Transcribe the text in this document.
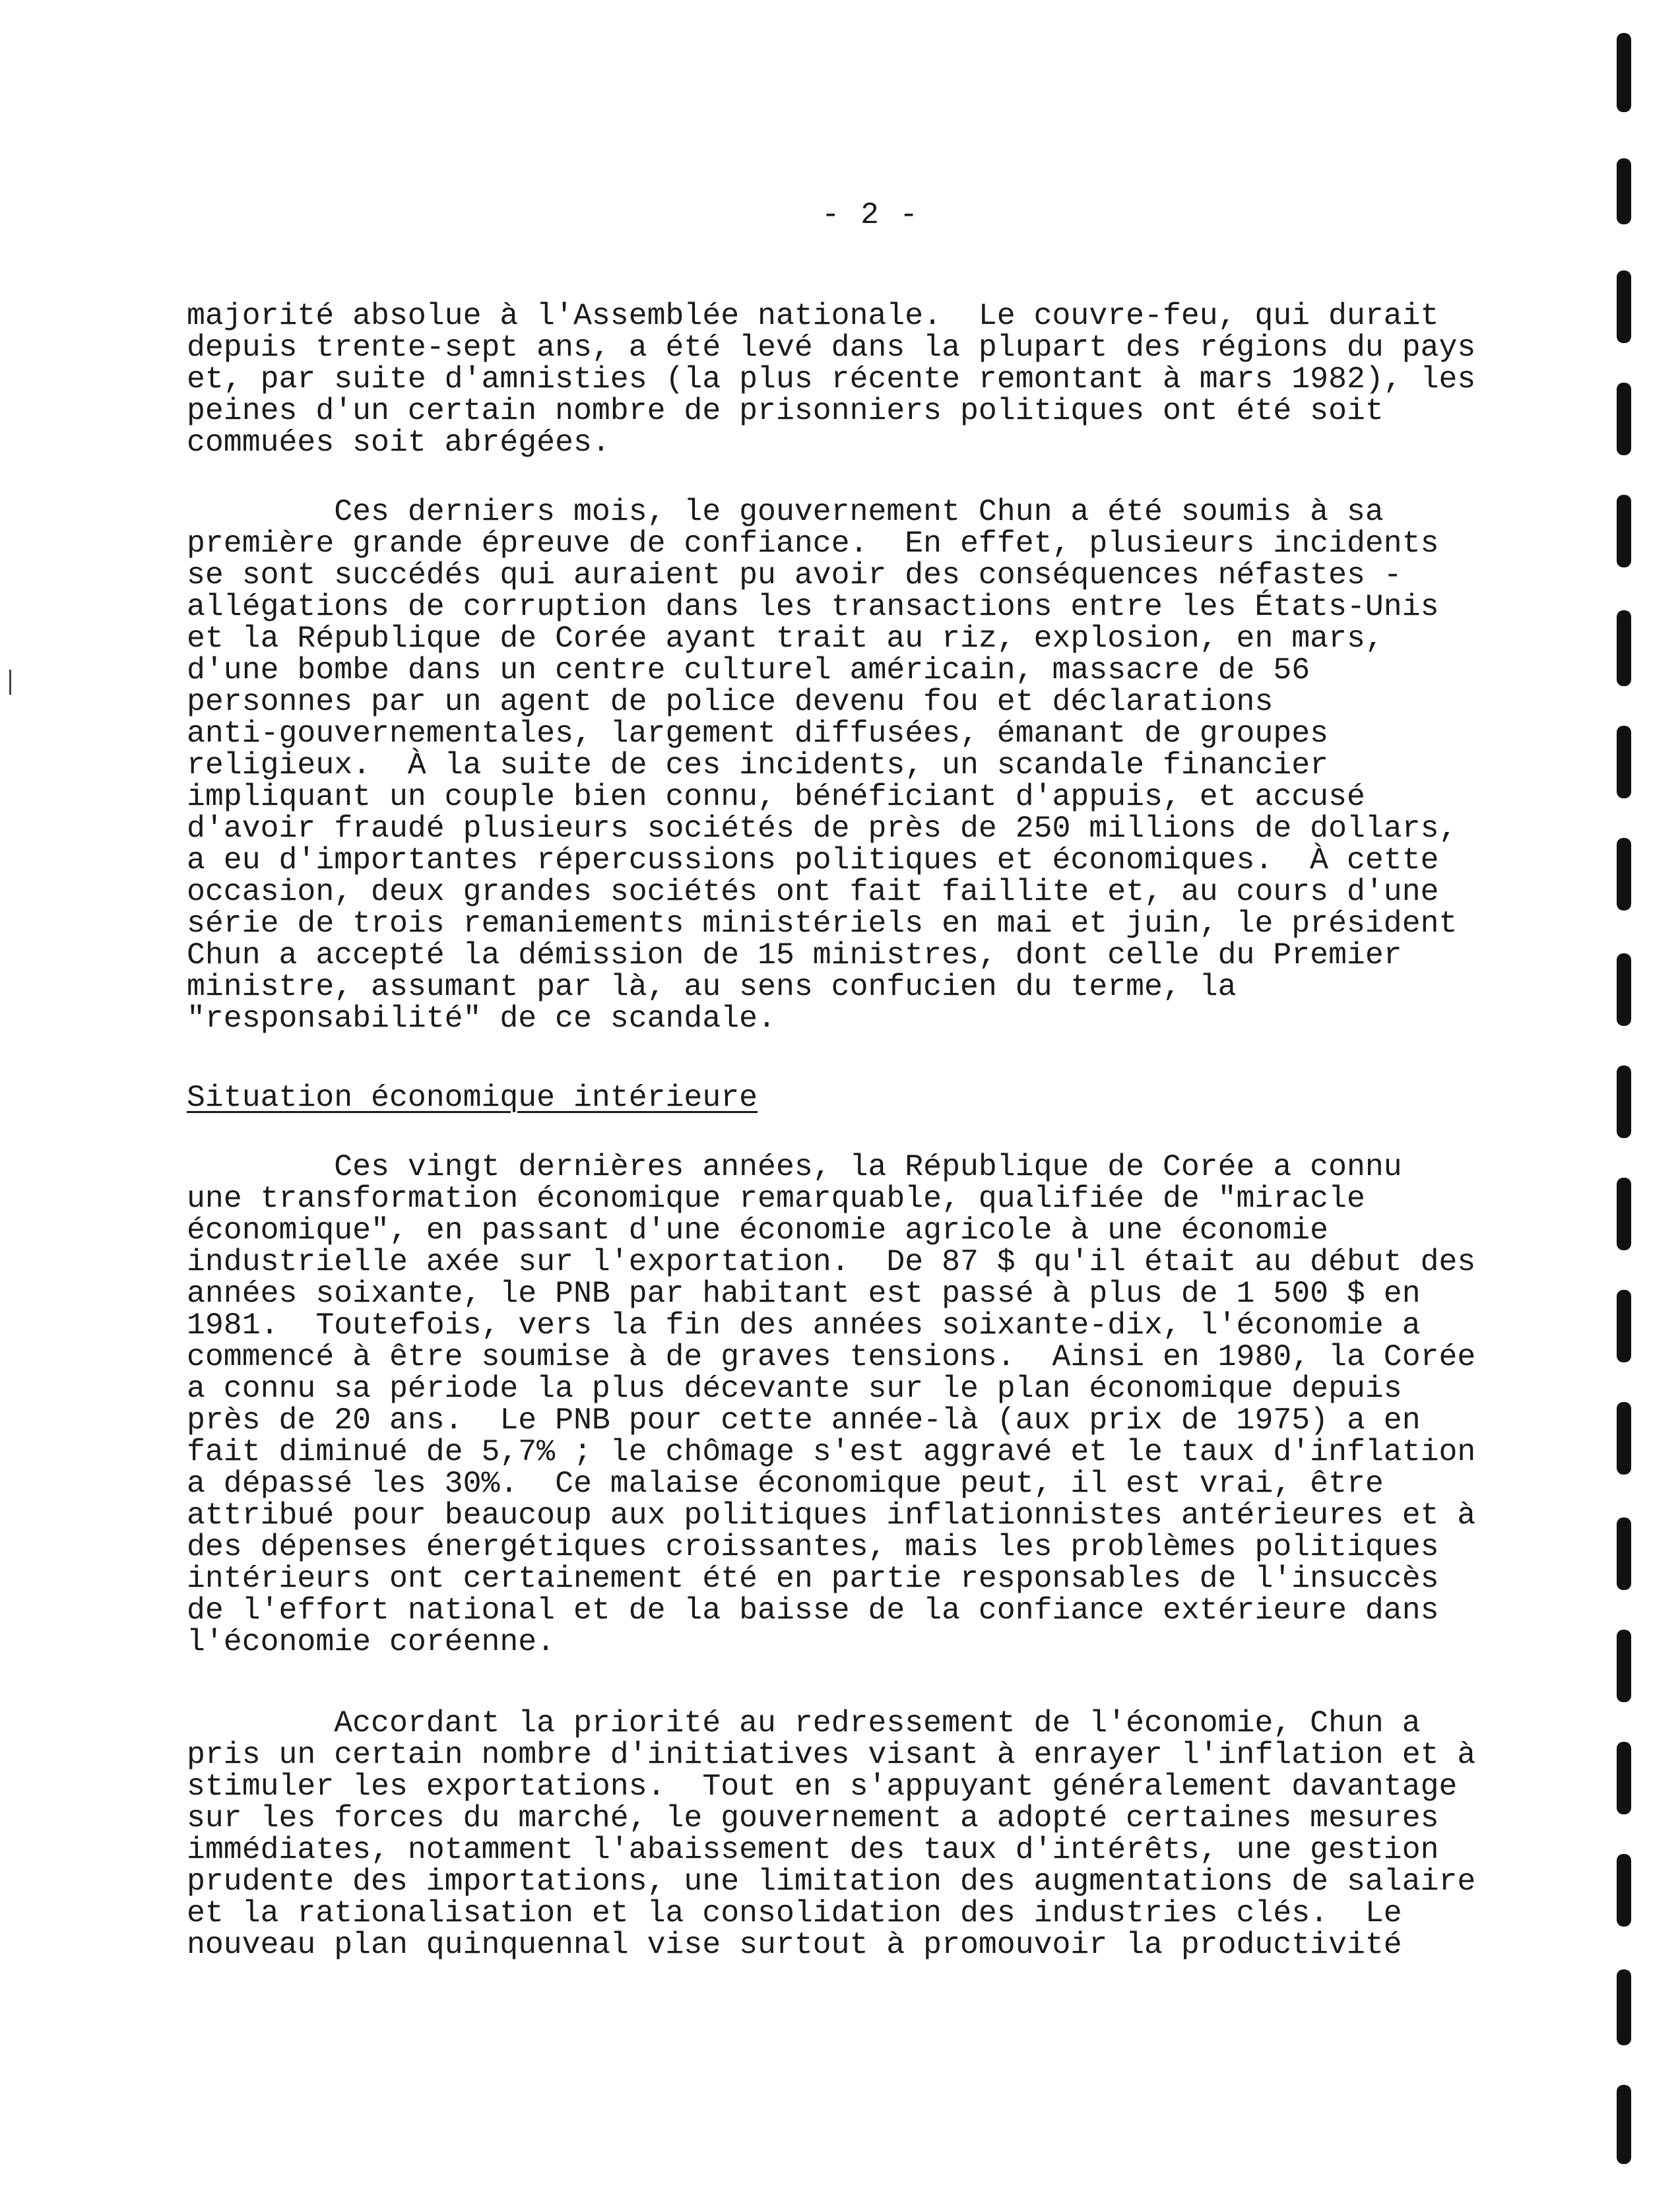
- 2 -
majorité absolue à l'Assemblée nationale.  Le couvre-feu, qui durait
depuis trente-sept ans, a été levé dans la plupart des régions du pays
et, par suite d'amnisties (la plus récente remontant à mars 1982), les
peines d'un certain nombre de prisonniers politiques ont été soit
commuées soit abrégées.
Ces derniers mois, le gouvernement Chun a été soumis à sa
première grande épreuve de confiance.  En effet, plusieurs incidents
se sont succédés qui auraient pu avoir des conséquences néfastes -
allégations de corruption dans les transactions entre les États-Unis
et la République de Corée ayant trait au riz, explosion, en mars,
d'une bombe dans un centre culturel américain, massacre de 56
personnes par un agent de police devenu fou et déclarations
anti-gouvernementales, largement diffusées, émanant de groupes
religieux.  À la suite de ces incidents, un scandale financier
impliquant un couple bien connu, bénéficiant d'appuis, et accusé
d'avoir fraudé plusieurs sociétés de près de 250 millions de dollars,
a eu d'importantes répercussions politiques et économiques.  À cette
occasion, deux grandes sociétés ont fait faillite et, au cours d'une
série de trois remaniements ministériels en mai et juin, le président
Chun a accepté la démission de 15 ministres, dont celle du Premier
ministre, assumant par là, au sens confucien du terme, la
"responsabilité" de ce scandale.
Situation économique intérieure
Ces vingt dernières années, la République de Corée a connu
une transformation économique remarquable, qualifiée de "miracle
économique", en passant d'une économie agricole à une économie
industrielle axée sur l'exportation.  De 87 $ qu'il était au début des
années soixante, le PNB par habitant est passé à plus de 1 500 $ en
1981.  Toutefois, vers la fin des années soixante-dix, l'économie a
commencé à être soumise à de graves tensions.  Ainsi en 1980, la Corée
a connu sa période la plus décevante sur le plan économique depuis
près de 20 ans.  Le PNB pour cette année-là (aux prix de 1975) a en
fait diminué de 5,7% ; le chômage s'est aggravé et le taux d'inflation
a dépassé les 30%.  Ce malaise économique peut, il est vrai, être
attribué pour beaucoup aux politiques inflationnistes antérieures et à
des dépenses énergétiques croissantes, mais les problèmes politiques
intérieurs ont certainement été en partie responsables de l'insuccès
de l'effort national et de la baisse de la confiance extérieure dans
l'économie coréenne.
Accordant la priorité au redressement de l'économie, Chun a
pris un certain nombre d'initiatives visant à enrayer l'inflation et à
stimuler les exportations.  Tout en s'appuyant généralement davantage
sur les forces du marché, le gouvernement a adopté certaines mesures
immédiates, notamment l'abaissement des taux d'intérêts, une gestion
prudente des importations, une limitation des augmentations de salaire
et la rationalisation et la consolidation des industries clés.  Le
nouveau plan quinquennal vise surtout à promouvoir la productivité
